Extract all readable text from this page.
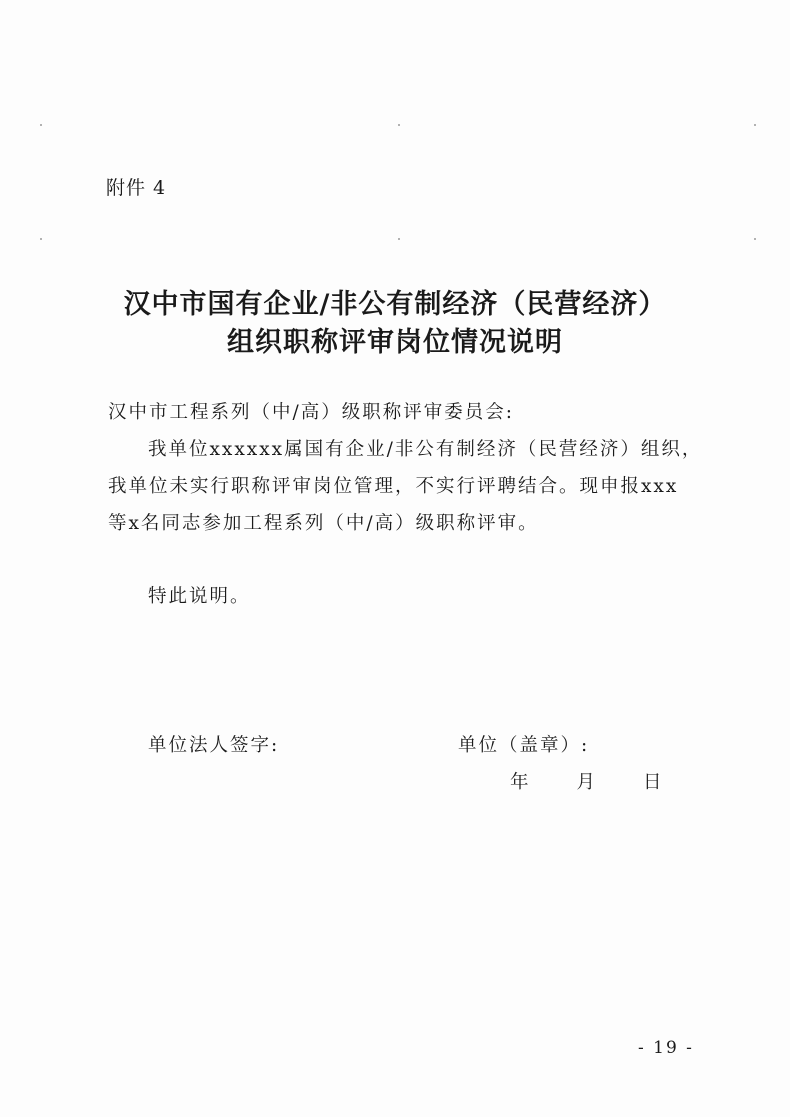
附件 4
汉中市国有企业/非公有制经济（民营经济）
组织职称评审岗位情况说明
汉中市工程系列（中/高）级职称评审委员会:
我单位xxxxxx属国有企业/非公有制经济（民营经济）组织，
我单位未实行职称评审岗位管理，不实行评聘结合。现申报xxx
等x名同志参加工程系列（中/高）级职称评审。
特此说明。
单位法人签字:	单位（盖章）:
年	月	日
- 19 -
